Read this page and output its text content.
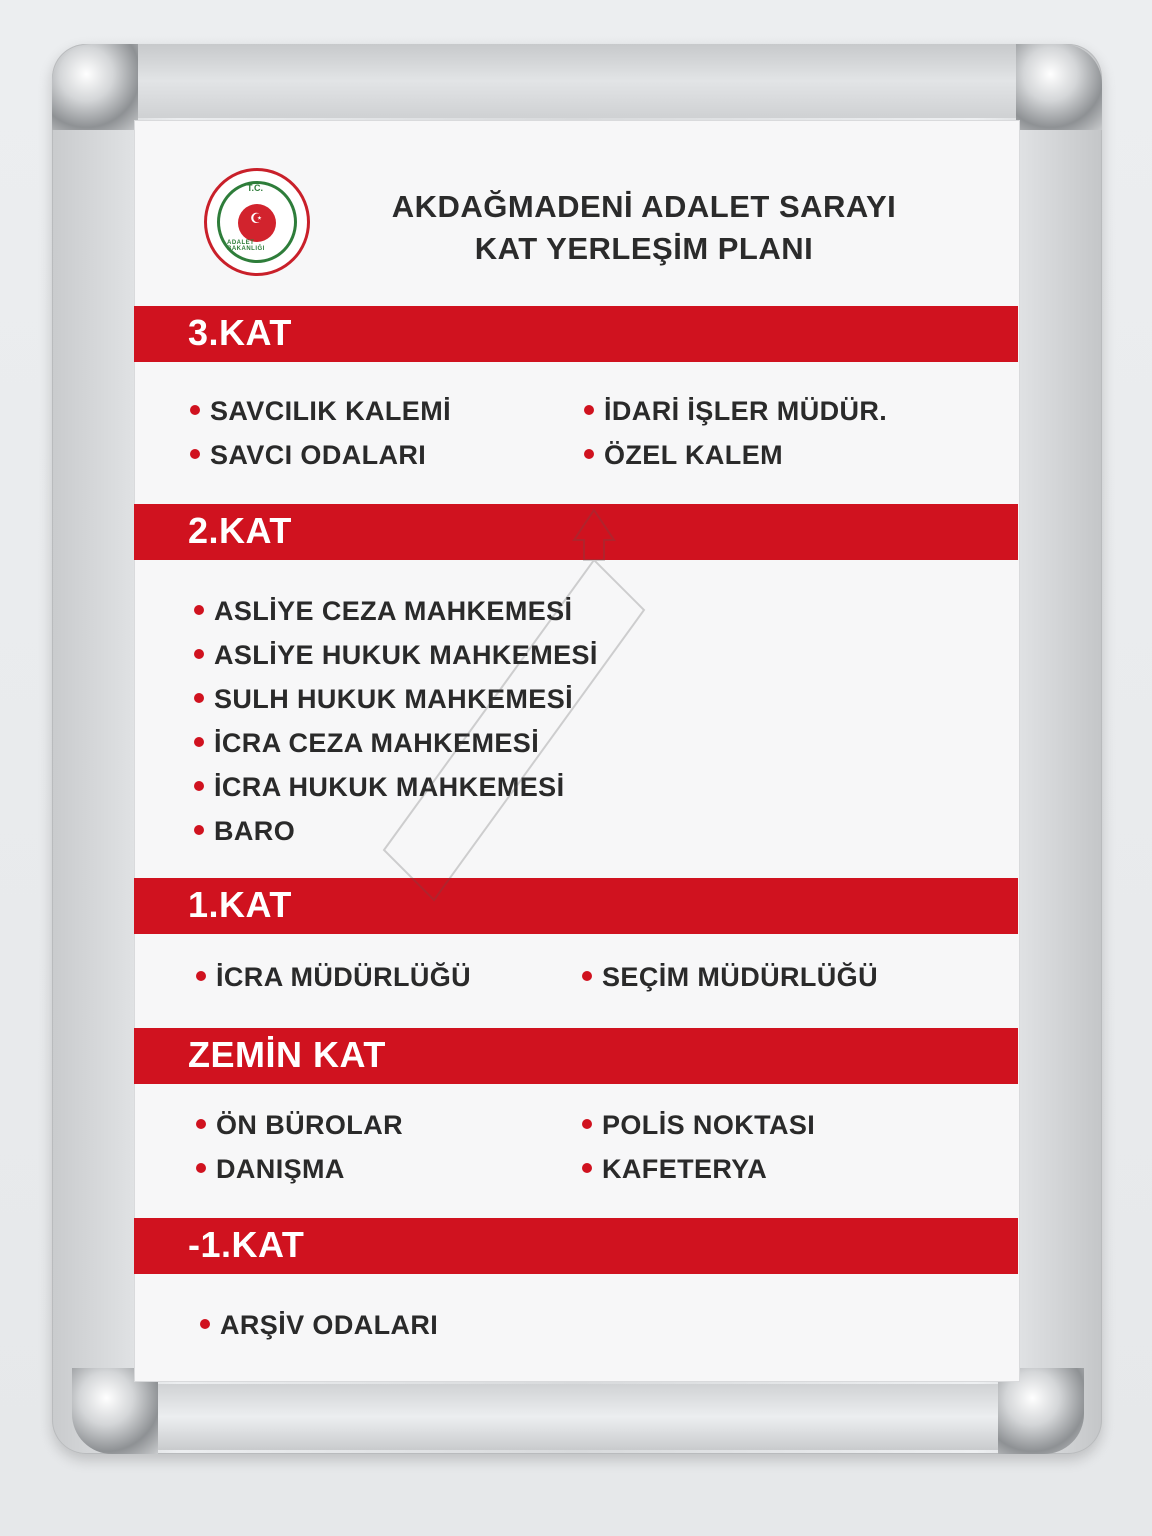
T.C.
☪
ADALET BAKANLIĞI
AKDAĞMADENİ ADALET SARAYI
KAT YERLEŞİM PLANI
3.KAT
SAVCILIK KALEMİ
SAVCI ODALARI
İDARİ İŞLER MÜDÜR.
ÖZEL KALEM
2.KAT
ASLİYE CEZA MAHKEMESİ
ASLİYE HUKUK MAHKEMESİ
SULH HUKUK MAHKEMESİ
İCRA CEZA MAHKEMESİ
İCRA HUKUK MAHKEMESİ
BARO
1.KAT
İCRA MÜDÜRLÜĞÜ	SEÇİM MÜDÜRLÜĞÜ
ZEMİN KAT
ÖN BÜROLAR
DANIŞMA
POLİS NOKTASI
KAFETERYA
-1.KAT
ARŞİV ODALARI
